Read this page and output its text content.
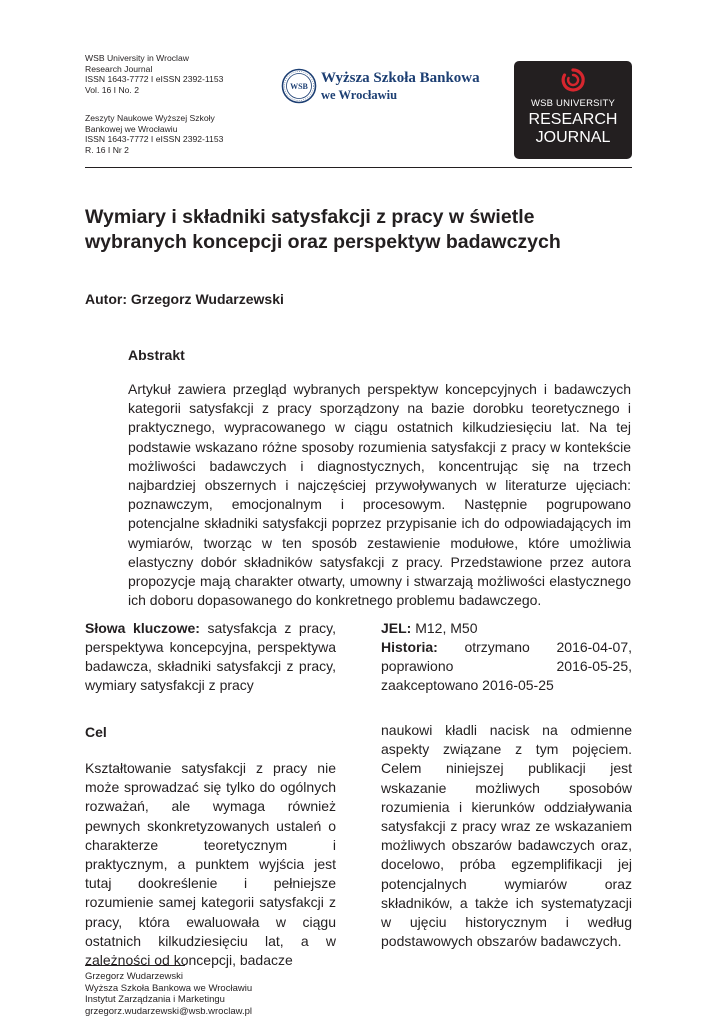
WSB University in Wroclaw
Research Journal
ISSN 1643-7772 I eISSN 2392-1153
Vol. 16 I No. 2
Zeszyty Naukowe Wyższej Szkoły
Bankowej we Wrocławiu
ISSN 1643-7772 I eISSN 2392-1153
R. 16 I Nr 2
WSB
Wyższa Szkoła Bankowa
we Wrocławiu
WSB UNIVERSITY
RESEARCH
JOURNAL
Wymiary i składniki satysfakcji z pracy w świetle wybranych koncepcji oraz perspektyw badawczych
Autor: Grzegorz Wudarzewski
Abstrakt
Artykuł zawiera przegląd wybranych perspektyw koncepcyjnych i badawczych kategorii satysfakcji z pracy sporządzony na bazie dorobku teoretycznego i praktycznego, wypracowanego w ciągu ostatnich kilkudziesięciu lat. Na tej podstawie wskazano różne sposoby rozumienia satysfakcji z pracy w kontekście możliwości badawczych i diagnostycznych, koncentrując się na trzech najbardziej obszernych i najczęściej przywoływanych w literaturze ujęciach: poznawczym, emocjonalnym i procesowym. Następnie pogrupowano potencjalne składniki satysfakcji poprzez przypisanie ich do odpowiadających im wymiarów, tworząc w ten sposób zestawienie modułowe, które umożliwia elastyczny dobór składników satysfakcji z pracy. Przedstawione przez autora propozycje mają charakter otwarty, umowny i stwarzają możliwości elastycznego ich doboru dopasowanego do konkretnego problemu badawczego.
Słowa kluczowe: satysfakcja z pracy, perspektywa koncepcyjna, perspektywa badawcza, składniki satysfakcji z pracy, wymiary satysfakcji z pracy
JEL: M12, M50
Historia: otrzymano 2016-04-07, poprawiono 2016-05-25, zaakceptowano 2016-05-25
Cel
Kształtowanie satysfakcji z pracy nie może sprowadzać się tylko do ogólnych rozważań, ale wymaga również pewnych skonkretyzowanych ustaleń o charakterze teoretycznym i praktycznym, a punktem wyjścia jest tutaj dookreślenie i pełniejsze rozumienie samej kategorii satysfakcji z pracy, która ewaluowała w ciągu ostatnich kilkudziesięciu lat, a w zależności od koncepcji, badacze
naukowi kładli nacisk na odmienne aspekty związane z tym pojęciem. Celem niniejszej publikacji jest wskazanie możliwych sposobów rozumienia i kierunków oddziaływania satysfakcji z pracy wraz ze wskazaniem możliwych obszarów badawczych oraz, docelowo, próba egzemplifikacji jej potencjalnych wymiarów oraz składników, a także ich systematyzacji w ujęciu historycznym i według podstawowych obszarów badawczych.
Grzegorz Wudarzewski
Wyższa Szkoła Bankowa we Wrocławiu
Instytut Zarządzania i Marketingu
grzegorz.wudarzewski@wsb.wroclaw.pl
